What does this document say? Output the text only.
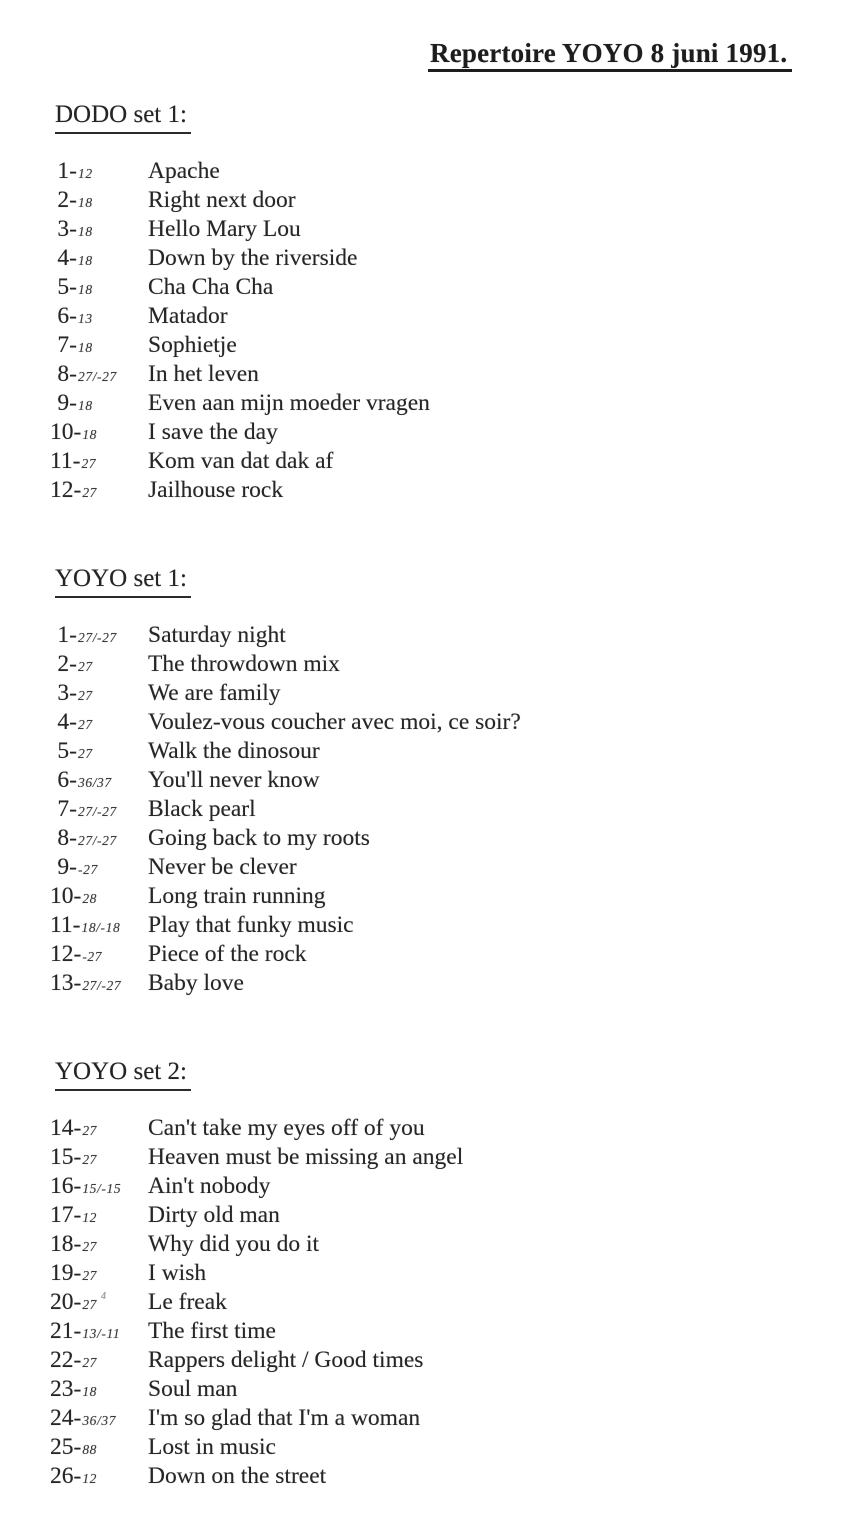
Repertoire YOYO 8 juni 1991.
DODO set 1:
1-12 Apache
2-18 Right next door
3-18 Hello Mary Lou
4-18 Down by the riverside
5-18 Cha Cha Cha
6-13 Matador
7-18 Sophietje
8-27/-27 In het leven
9-18 Even aan mijn moeder vragen
10-18 I save the day
11-27 Kom van dat dak af
12-27 Jailhouse rock
YOYO set 1:
1-27/-27 Saturday night
2-27 The throwdown mix
3-27 We are family
4-27 Voulez-vous coucher avec moi, ce soir?
5-27 Walk the dinosour
6-36/37 You'll never know
7-27/-27 Black pearl
8-27/-27 Going back to my roots
9--27 Never be clever
10-28 Long train running
11-18/-18 Play that funky music
12--27 Piece of the rock
13-27/-27 Baby love
YOYO set 2:
14-27 Can't take my eyes off of you
15-27 Heaven must be missing an angel
16-15/-15 Ain't nobody
17-12 Dirty old man
18-27 Why did you do it
19-27 I wish
$20-27^4$ Le freak
21-13/-11 The first time
22-27 Rappers delight / Good times
23-18 Soul man
24-36/37 I'm so glad that I'm a woman
25-88 Lost in music
26-12 Down on the street
